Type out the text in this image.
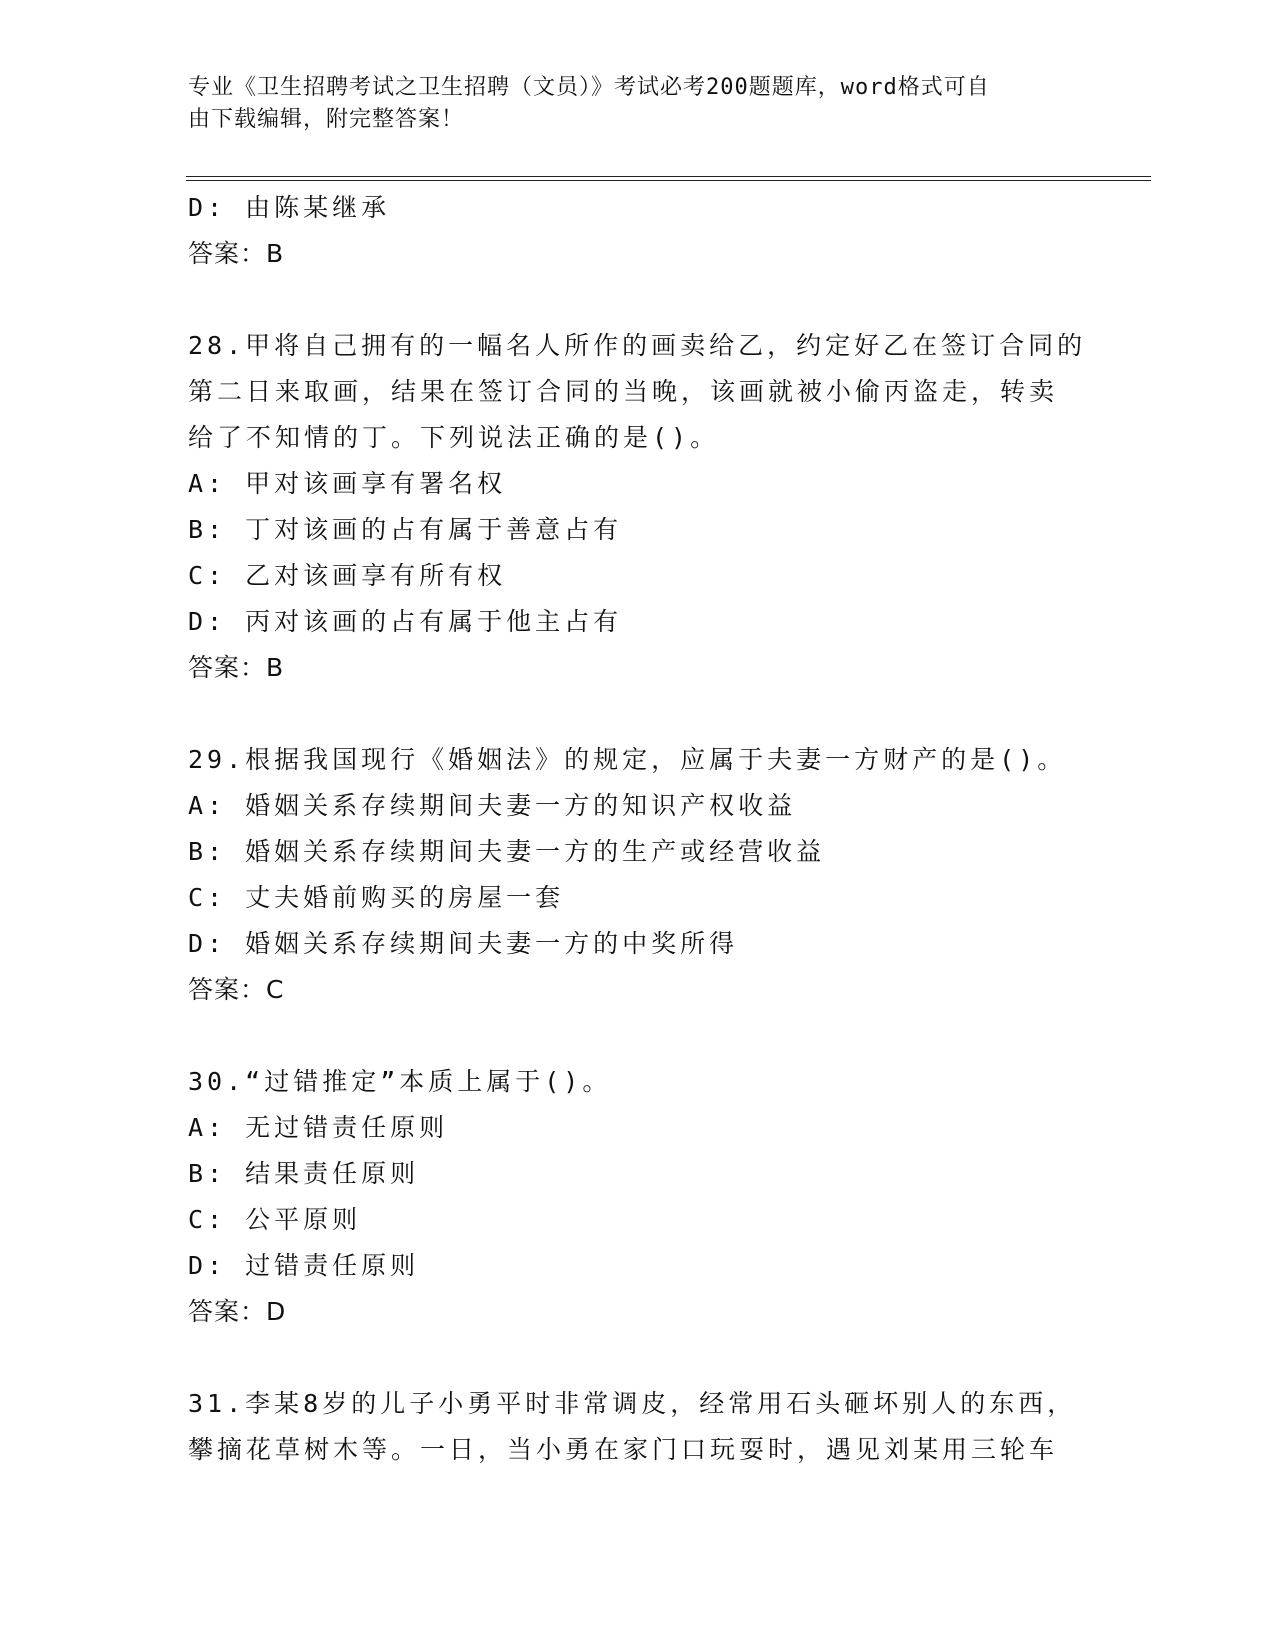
专业《卫生招聘考试之卫生招聘（文员）》考试必考200题题库，word格式可自
由下载编辑，附完整答案！
D: 由陈某继承
答案：B
28.甲将自己拥有的一幅名人所作的画卖给乙，约定好乙在签订合同的
第二日来取画，结果在签订合同的当晚，该画就被小偷丙盗走，转卖
给了不知情的丁。下列说法正确的是()。
A: 甲对该画享有署名权
B: 丁对该画的占有属于善意占有
C: 乙对该画享有所有权
D: 丙对该画的占有属于他主占有
答案：B
29.根据我国现行《婚姻法》的规定，应属于夫妻一方财产的是()。
A: 婚姻关系存续期间夫妻一方的知识产权收益
B: 婚姻关系存续期间夫妻一方的生产或经营收益
C: 丈夫婚前购买的房屋一套
D: 婚姻关系存续期间夫妻一方的中奖所得
答案：C
30.“过错推定”本质上属于()。
A: 无过错责任原则
B: 结果责任原则
C: 公平原则
D: 过错责任原则
答案：D
31.李某8岁的儿子小勇平时非常调皮，经常用石头砸坏别人的东西，
攀摘花草树木等。一日，当小勇在家门口玩耍时，遇见刘某用三轮车
